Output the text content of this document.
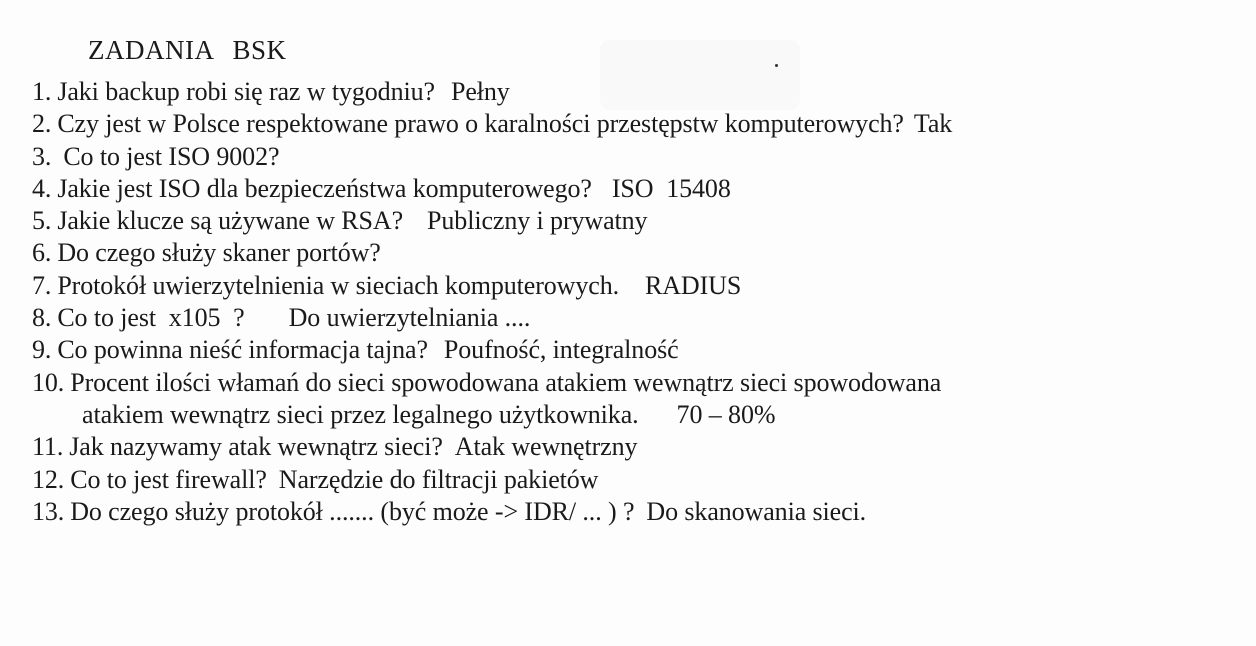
ZADANIA BSK
1. Jaki backup robi się raz w tygodniu? Pełny
2. Czy jest w Polsce respektowane prawo o karalności przestępstw komputerowych? Tak
3. Co to jest ISO 9002?
4. Jakie jest ISO dla bezpieczeństwa komputerowego? ISO  15408
5. Jakie klucze są używane w RSA? Publiczny i prywatny
6. Do czego służy skaner portów?
7. Protokół uwierzytelnienia w sieciach komputerowych. RADIUS
8. Co to jest  x105  ? Do uwierzytelniania ....
9. Co powinna nieść informacja tajna? Poufność, integralność
10. Procent ilości włamań do sieci spowodowana atakiem wewnątrz sieci spowodowana
atakiem wewnątrz sieci przez legalnego użytkownika. 70 – 80%
11. Jak nazywamy atak wewnątrz sieci? Atak wewnętrzny
12. Co to jest firewall? Narzędzie do filtracji pakietów
13. Do czego służy protokół ....... (być może -> IDR/ ... ) ? Do skanowania sieci.
